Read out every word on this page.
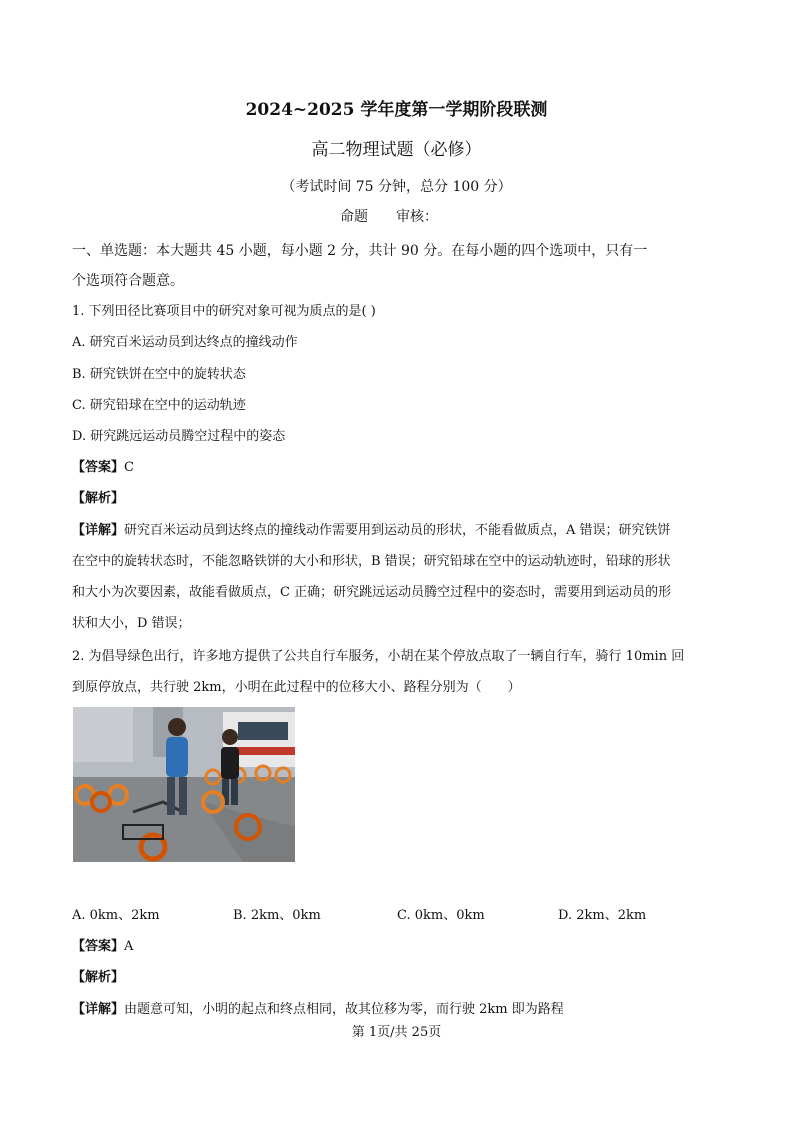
2024~2025 学年度第一学期阶段联测
高二物理试题（必修）
（考试时间 75 分钟，总分 100 分）
命题　　审核：
一、单选题：本大题共 45 小题，每小题 2 分，共计 90 分。在每小题的四个选项中，只有一
个选项符合题意。
1. 下列田径比赛项目中的研究对象可视为质点的是( )
A. 研究百米运动员到达终点的撞线动作
B. 研究铁饼在空中的旋转状态
C. 研究铅球在空中的运动轨迹
D. 研究跳远运动员腾空过程中的姿态
【答案】C
【解析】
【详解】研究百米运动员到达终点的撞线动作需要用到运动员的形状，不能看做质点，A 错误；研究铁饼
在空中的旋转状态时，不能忽略铁饼的大小和形状，B 错误；研究铅球在空中的运动轨迹时，铅球的形状
和大小为次要因素，故能看做质点，C 正确；研究跳远运动员腾空过程中的姿态时，需要用到运动员的形
状和大小，D 错误；
2. 为倡导绿色出行，许多地方提供了公共自行车服务，小胡在某个停放点取了一辆自行车，骑行 10min 回
到原停放点，共行驶 2km，小明在此过程中的位移大小、路程分别为（　　）
A. 0km、2km	B. 2km、0km	C. 0km、0km	D. 2km、2km
【答案】A
【解析】
【详解】由题意可知，小明的起点和终点相同，故其位移为零，而行驶 2km 即为路程
第 1页/共 25页
